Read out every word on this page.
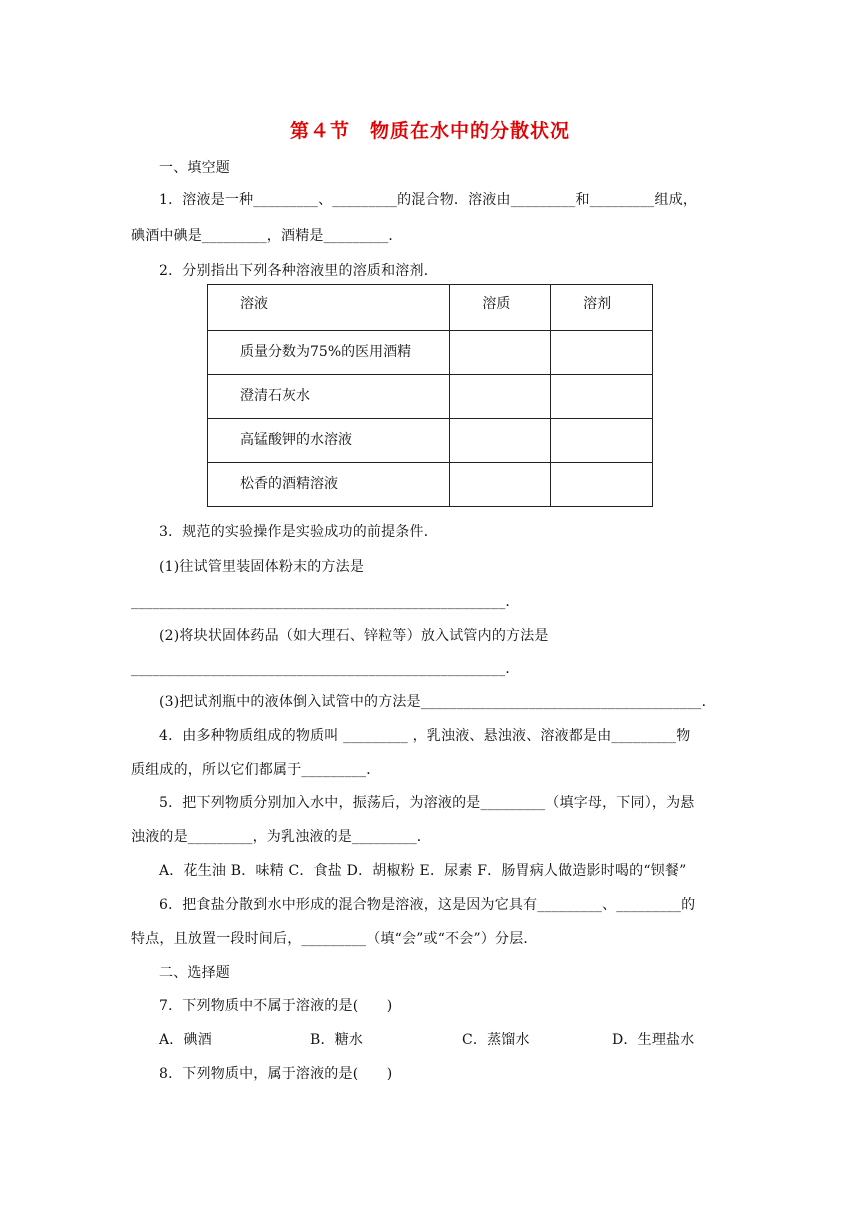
第４节　物质在水中的分散状况
一、填空题
1．溶液是一种_________、_________的混合物．溶液由_________和_________组成，
碘酒中碘是_________，酒精是_________．
2．分别指出下列各种溶液里的溶质和溶剂．
溶液	溶质	溶剂
质量分数为75%的医用酒精		
澄清石灰水		
高锰酸钾的水溶液		
松香的酒精溶液		
3．规范的实验操作是实验成功的前提条件．
(1)往试管里装固体粉末的方法是
____________________________________________________．
(2)将块状固体药品（如大理石、锌粒等）放入试管内的方法是
____________________________________________________．
(3)把试剂瓶中的液体倒入试管中的方法是_______________________________________．
4．由多种物质组成的物质叫 _________ ，乳浊液、悬浊液、溶液都是由_________物
质组成的，所以它们都属于_________．
5．把下列物质分别加入水中，振荡后，为溶液的是_________（填字母，下同），为悬
浊液的是_________，为乳浊液的是_________．
A．花生油 B．味精 C．食盐 D．胡椒粉 E．尿素 F．肠胃病人做造影时喝的“钡餐”
6．把食盐分散到水中形成的混合物是溶液，这是因为它具有_________、_________的
特点，且放置一段时间后，_________（填“会”或“不会”）分层．
二、选择题
7．下列物质中不属于溶液的是(　　)
A．碘酒	B．糖水	C．蒸馏水	D．生理盐水
8．下列物质中，属于溶液的是(　　)
